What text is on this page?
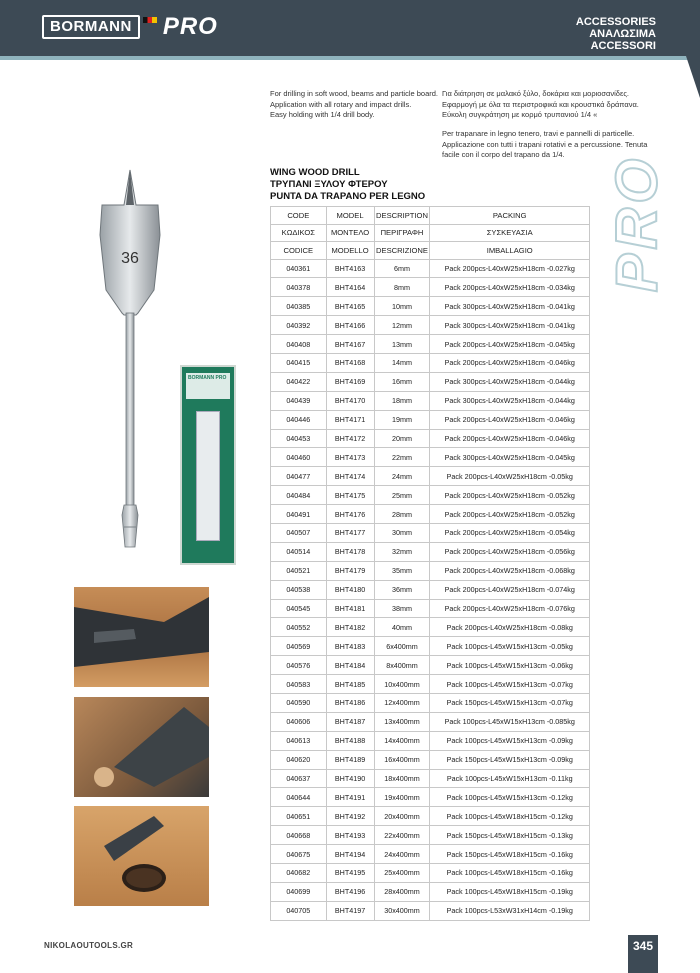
BORMANN	PRO	ACCESSORIES
ΑΝΑΛΩΣΙΜΑ
ACCESSORI
PRO
For drilling in soft wood, beams and particle board. Application with all rotary and impact drills.
Easy holding with 1/4 drill body.
Για διάτρηση σε μαλακό ξύλο, δοκάρια και μοριοσανίδες. Εφαρμογή με όλα τα περιστροφικά και κρουστικά δράπανα. Εύκολη συγκράτηση με κορμό τρυπανιού 1/4 «
Per trapanare in legno tenero, travi e pannelli di particelle. Applicazione con tutti i trapani rotativi e a percussione. Tenuta facile con il corpo del trapano da 1/4.
WING WOOD DRILL
ΤΡΥΠΑΝΙ ΞΥΛΟΥ ΦΤΕΡΟΥ
PUNTA DA TRAPANO PER LEGNO
36
BORMANN PRO
CODE	MODEL	DESCRIPTION	PACKING
ΚΩΔΙΚΟΣ	ΜΟΝΤΕΛΟ	ΠΕΡΙΓΡΑΦΗ	ΣΥΣΚΕΥΑΣΙΑ
CODICE	MODELLO	DESCRIZIONE	IMBALLAGIO
040361	BHT4163	6mm	Pack 200pcs-L40xW25xH18cm -0.027kg
040378	BHT4164	8mm	Pack 200pcs-L40xW25xH18cm -0.034kg
040385	BHT4165	10mm	Pack 300pcs-L40xW25xH18cm -0.041kg
040392	BHT4166	12mm	Pack 300pcs-L40xW25xH18cm -0.041kg
040408	BHT4167	13mm	Pack 200pcs-L40xW25xH18cm -0.045kg
040415	BHT4168	14mm	Pack 200pcs-L40xW25xH18cm -0.046kg
040422	BHT4169	16mm	Pack 300pcs-L40xW25xH18cm -0.044kg
040439	BHT4170	18mm	Pack 300pcs-L40xW25xH18cm -0.044kg
040446	BHT4171	19mm	Pack 200pcs-L40xW25xH18cm -0.046kg
040453	BHT4172	20mm	Pack 200pcs-L40xW25xH18cm -0.046kg
040460	BHT4173	22mm	Pack 300pcs-L40xW25xH18cm -0.045kg
040477	BHT4174	24mm	Pack 200pcs-L40xW25xH18cm -0.05kg
040484	BHT4175	25mm	Pack 200pcs-L40xW25xH18cm -0.052kg
040491	BHT4176	28mm	Pack 200pcs-L40xW25xH18cm -0.052kg
040507	BHT4177	30mm	Pack 200pcs-L40xW25xH18cm -0.054kg
040514	BHT4178	32mm	Pack 200pcs-L40xW25xH18cm -0.056kg
040521	BHT4179	35mm	Pack 200pcs-L40xW25xH18cm -0.068kg
040538	BHT4180	36mm	Pack 200pcs-L40xW25xH18cm -0.074kg
040545	BHT4181	38mm	Pack 200pcs-L40xW25xH18cm -0.076kg
040552	BHT4182	40mm	Pack 200pcs-L40xW25xH18cm -0.08kg
040569	BHT4183	6x400mm	Pack 100pcs-L45xW15xH13cm -0.05kg
040576	BHT4184	8x400mm	Pack 100pcs-L45xW15xH13cm -0.06kg
040583	BHT4185	10x400mm	Pack 100pcs-L45xW15xH13cm -0.07kg
040590	BHT4186	12x400mm	Pack 150pcs-L45xW15xH13cm -0.07kg
040606	BHT4187	13x400mm	Pack 100pcs-L45xW15xH13cm -0.085kg
040613	BHT4188	14x400mm	Pack 100pcs-L45xW15xH13cm -0.09kg
040620	BHT4189	16x400mm	Pack 150pcs-L45xW15xH13cm -0.09kg
040637	BHT4190	18x400mm	Pack 100pcs-L45xW15xH13cm -0.11kg
040644	BHT4191	19x400mm	Pack 100pcs-L45xW15xH13cm -0.12kg
040651	BHT4192	20x400mm	Pack 100pcs-L45xW18xH15cm -0.12kg
040668	BHT4193	22x400mm	Pack 150pcs-L45xW18xH15cm -0.13kg
040675	BHT4194	24x400mm	Pack 150pcs-L45xW18xH15cm -0.16kg
040682	BHT4195	25x400mm	Pack 100pcs-L45xW18xH15cm -0.16kg
040699	BHT4196	28x400mm	Pack 100pcs-L45xW18xH15cm -0.19kg
040705	BHT4197	30x400mm	Pack 100pcs-L53xW31xH14cm -0.19kg
NIKOLAOUTOOLS.GR	345
